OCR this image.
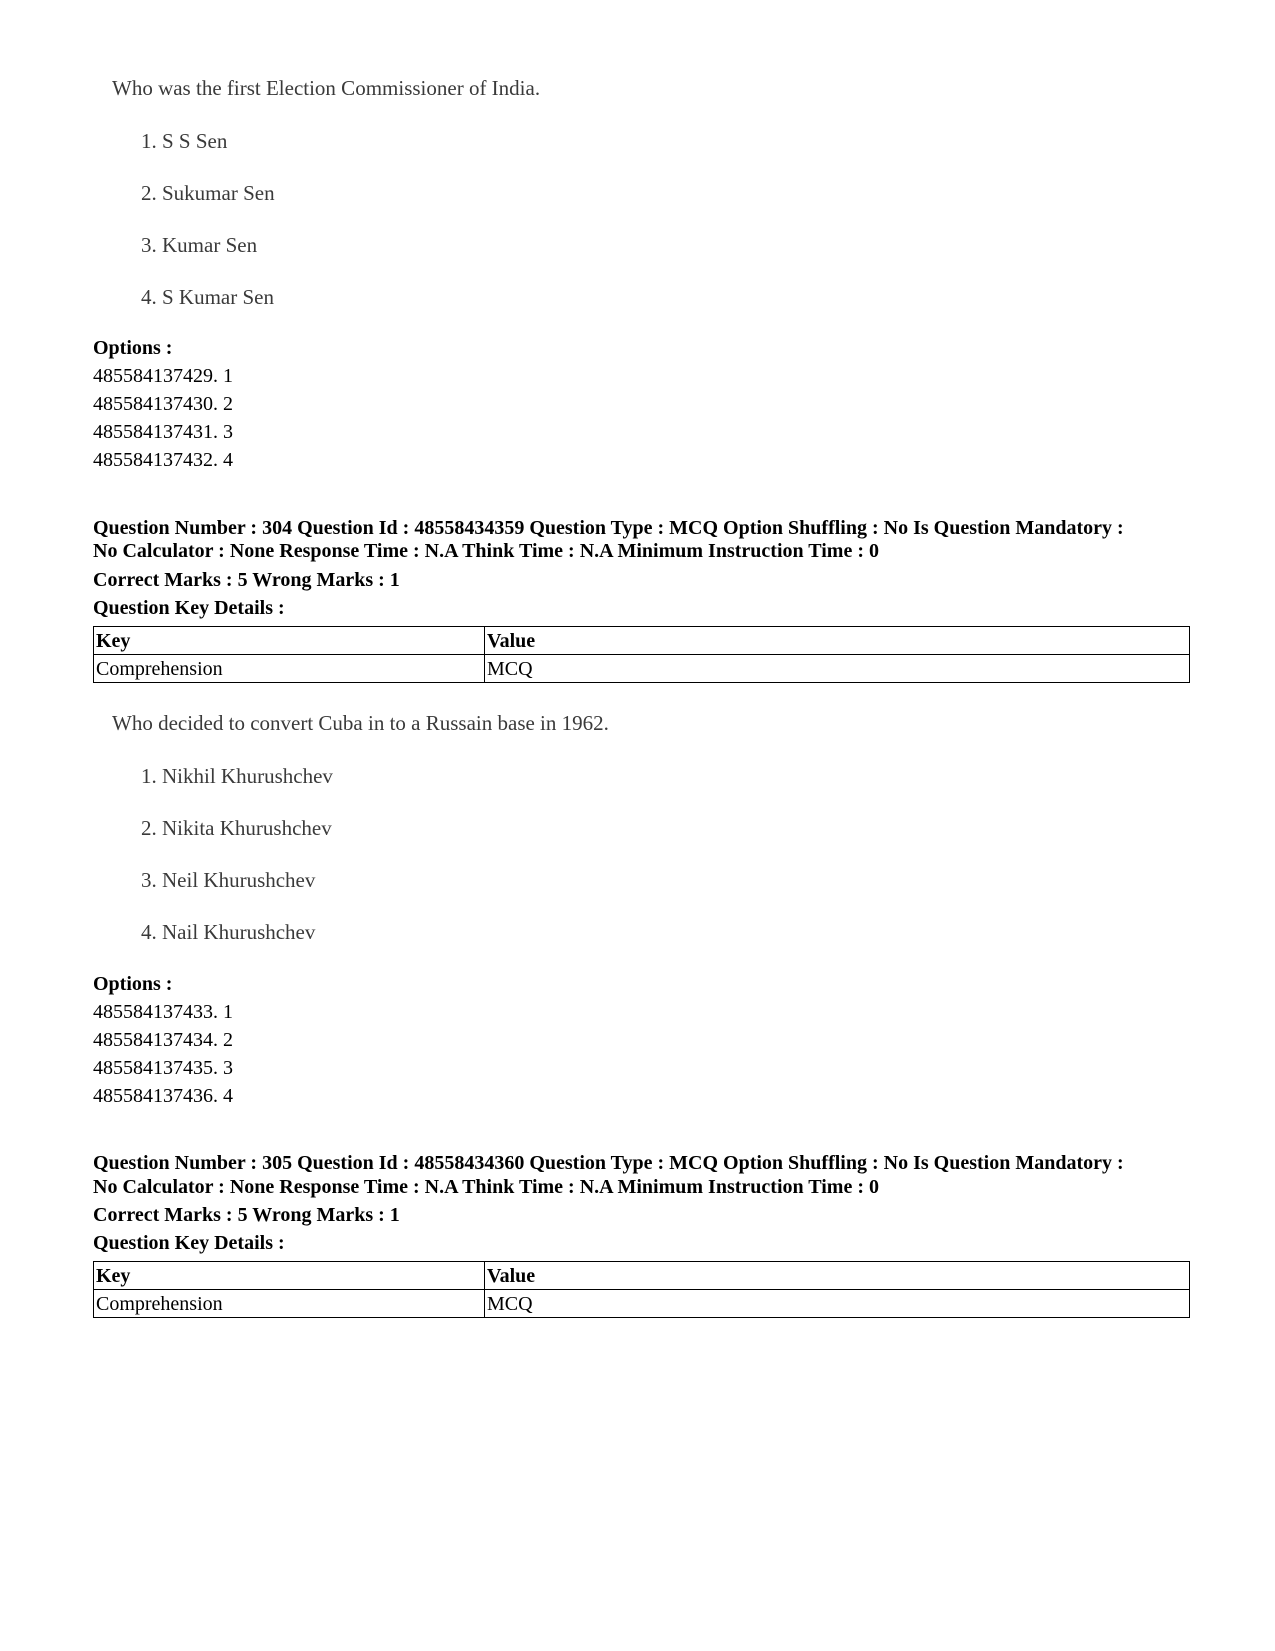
Who was the first Election Commissioner of India.
1. S S Sen
2. Sukumar Sen
3. Kumar Sen
4. S Kumar Sen
Options :
485584137429. 1
485584137430. 2
485584137431. 3
485584137432. 4
Question Number : 304 Question Id : 48558434359 Question Type : MCQ Option Shuffling : No Is Question Mandatory :
No Calculator : None Response Time : N.A Think Time : N.A Minimum Instruction Time : 0
Correct Marks : 5 Wrong Marks : 1
Question Key Details :
Key	Value
Comprehension	MCQ
Who decided to convert Cuba in to a Russain base in 1962.
1. Nikhil Khurushchev
2. Nikita Khurushchev
3. Neil Khurushchev
4. Nail Khurushchev
Options :
485584137433. 1
485584137434. 2
485584137435. 3
485584137436. 4
Question Number : 305 Question Id : 48558434360 Question Type : MCQ Option Shuffling : No Is Question Mandatory :
No Calculator : None Response Time : N.A Think Time : N.A Minimum Instruction Time : 0
Correct Marks : 5 Wrong Marks : 1
Question Key Details :
Key	Value
Comprehension	MCQ
